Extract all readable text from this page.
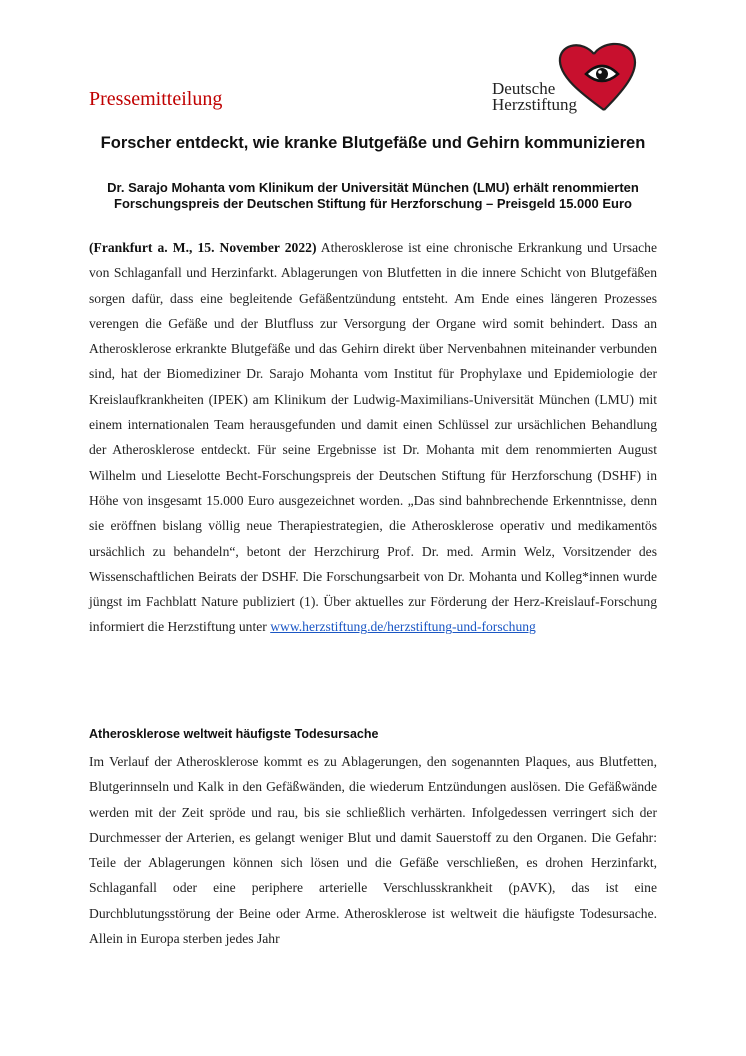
Pressemitteilung	Deutsche
Herzstiftung
Forscher entdeckt, wie kranke Blutgefäße und Gehirn kommunizieren
Dr. Sarajo Mohanta vom Klinikum der Universität München (LMU) erhält renommierten Forschungspreis der Deutschen Stiftung für Herzforschung – Preisgeld 15.000 Euro

(Frankfurt a. M., 15. November 2022) Atherosklerose ist eine chronische Erkrankung und Ursache von Schlaganfall und Herzinfarkt. Ablagerungen von Blutfetten in die innere Schicht von Blutgefäßen sorgen dafür, dass eine begleitende Gefäßentzündung entsteht. Am Ende eines längeren Prozesses verengen die Gefäße und der Blutfluss zur Versorgung der Organe wird somit behindert. Dass an Atherosklerose erkrankte Blutgefäße und das Gehirn direkt über Nervenbahnen miteinander verbunden sind, hat der Biomediziner Dr. Sarajo Mohanta vom Institut für Prophylaxe und Epidemiologie der Kreislaufkrankheiten (IPEK) am Klinikum der Ludwig-Maximilians-Universität München (LMU) mit einem internationalen Team herausgefunden und damit einen Schlüssel zur ursächlichen Behandlung der Atherosklerose entdeckt. Für seine Ergebnisse ist Dr. Mohanta mit dem renommierten August Wilhelm und Lieselotte Becht-Forschungspreis der Deutschen Stiftung für Herzforschung (DSHF) in Höhe von insgesamt 15.000 Euro ausgezeichnet worden. „Das sind bahnbrechende Erkenntnisse, denn sie eröffnen bislang völlig neue Therapiestrategien, die Atherosklerose operativ und medikamentös ursächlich zu behandeln“, betont der Herzchirurg Prof. Dr. med. Armin Welz, Vorsitzender des Wissenschaftlichen Beirats der DSHF. Die Forschungsarbeit von Dr. Mohanta und Kolleg*innen wurde jüngst im Fachblatt Nature publiziert (1). Über aktuelles zur Förderung der Herz-Kreislauf-Forschung informiert die Herzstiftung unter www.herzstiftung.de/herzstiftung-und-forschung

Atherosklerose weltweit häufigste Todesursache

Im Verlauf der Atherosklerose kommt es zu Ablagerungen, den sogenannten Plaques, aus Blutfetten, Blutgerinnseln und Kalk in den Gefäßwänden, die wiederum Entzündungen auslösen. Die Gefäßwände werden mit der Zeit spröde und rau, bis sie schließlich verhärten. Infolgedessen verringert sich der Durchmesser der Arterien, es gelangt weniger Blut und damit Sauerstoff zu den Organen. Die Gefahr: Teile der Ablagerungen können sich lösen und die Gefäße verschließen, es drohen Herzinfarkt, Schlaganfall oder eine periphere arterielle Verschlusskrankheit (pAVK), das ist eine Durchblutungsstörung der Beine oder Arme. Atherosklerose ist weltweit die häufigste Todesursache. Allein in Europa sterben jedes Jahr
